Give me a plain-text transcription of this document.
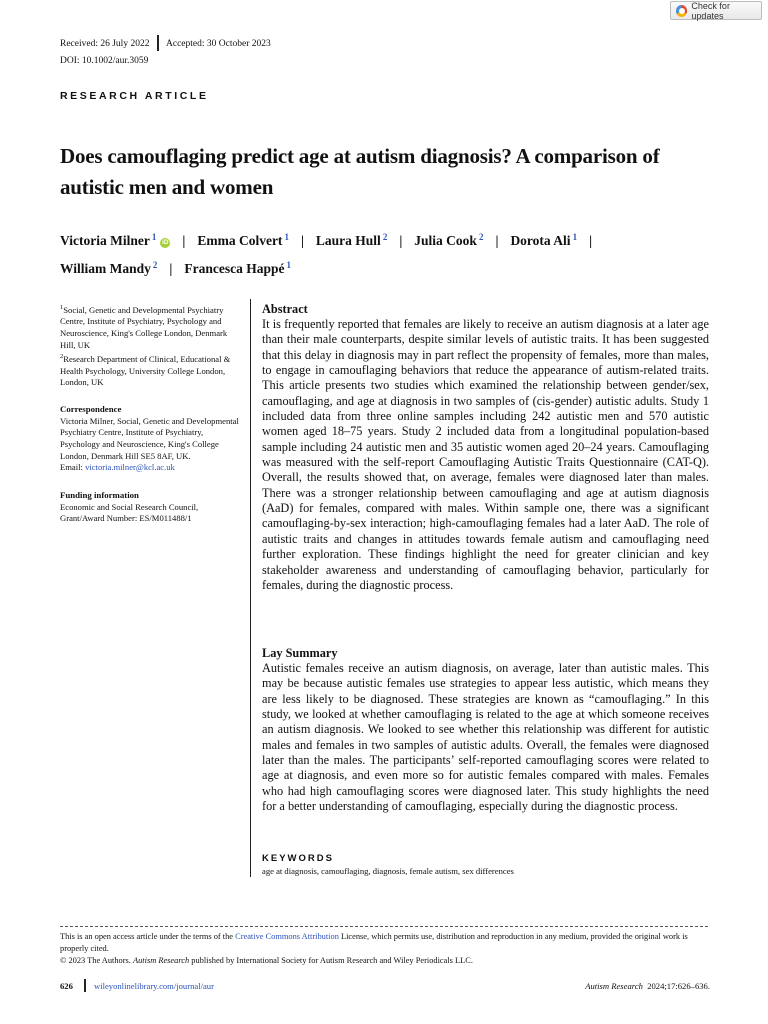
Check for updates
Received: 26 July 2022 Accepted: 30 October 2023
DOI: 10.1002/aur.3059
RESEARCH ARTICLE
Does camouflaging predict age at autism diagnosis? A comparison of autistic men and women
Victoria Milner $^1$iD | Emma Colvert $^1$ | Laura Hull $^2$ | Julia Cook $^2$ | Dorota Ali $^1$ |
William Mandy $^2$ | Francesca Happé $^1$

$^1$Social, Genetic and Developmental Psychiatry Centre, Institute of Psychiatry, Psychology and Neuroscience, King's College London, Denmark Hill, UK

$^2$Research Department of Clinical, Educational & Health Psychology, University College London, London, UK

Correspondence

Victoria Milner, Social, Genetic and Developmental Psychiatry Centre, Institute of Psychiatry, Psychology and Neuroscience, King's College London, Denmark Hill SE5 8AF, UK.

Email: victoria.milner@kcl.ac.uk

Funding information

Economic and Social Research Council, Grant/Award Number: ES/M011488/1

Abstract

It is frequently reported that females are likely to receive an autism diagnosis at a later age than their male counterparts, despite similar levels of autistic traits. It has been suggested that this delay in diagnosis may in part reflect the propensity of females, more than males, to engage in camouflaging behaviors that reduce the appearance of autism-related traits. This article presents two studies which examined the relationship between gender/sex, camouflaging, and age at diagnosis in two samples of (cis-gender) autistic adults. Study 1 included data from three online samples including 242 autistic men and 570 autistic women aged 18–75 years. Study 2 included data from a longitudinal population-based sample including 24 autistic men and 35 autistic women aged 20–24 years. Camouflaging was measured with the self-report Camouflaging Autistic Traits Questionnaire (CAT-Q). Overall, the results showed that, on average, females were diagnosed later than males. There was a stronger relationship between camouflaging and age at autism diagnosis (AaD) for females, compared with males. Within sample one, there was a significant camouflaging-by-sex interaction; high-camouflaging females had a later AaD. The role of autistic traits and changes in attitudes towards female autism and camouflaging need further exploration. These findings highlight the need for greater clinician and key stakeholder awareness and understanding of camouflaging behavior, particularly for females, during the diagnostic process.

Lay Summary

Autistic females receive an autism diagnosis, on average, later than autistic males. This may be because autistic females use strategies to appear less autistic, which means they are less likely to be diagnosed. These strategies are known as “camouflaging.” In this study, we looked at whether camouflaging is related to the age at which someone receives an autism diagnosis. We looked to see whether this relationship was different for autistic males and females in two samples of autistic adults. Overall, the females were diagnosed later than the males. The participants’ self-reported camouflaging scores were related to age at diagnosis, and even more so for autistic females compared with males. Females who had high camouflaging scores were diagnosed later. This study highlights the need for a better understanding of camouflaging, especially during the diagnostic process.

KEYWORDS
age at diagnosis, camouflaging, diagnosis, female autism, sex differences
This is an open access article under the terms of the Creative Commons Attribution License, which permits use, distribution and reproduction in any medium, provided the original work is properly cited.
© 2023 The Authors. Autism Research published by International Society for Autism Research and Wiley Periodicals LLC.
626 wileyonlinelibrary.com/journal/aur	Autism Research 2024;17:626–636.
